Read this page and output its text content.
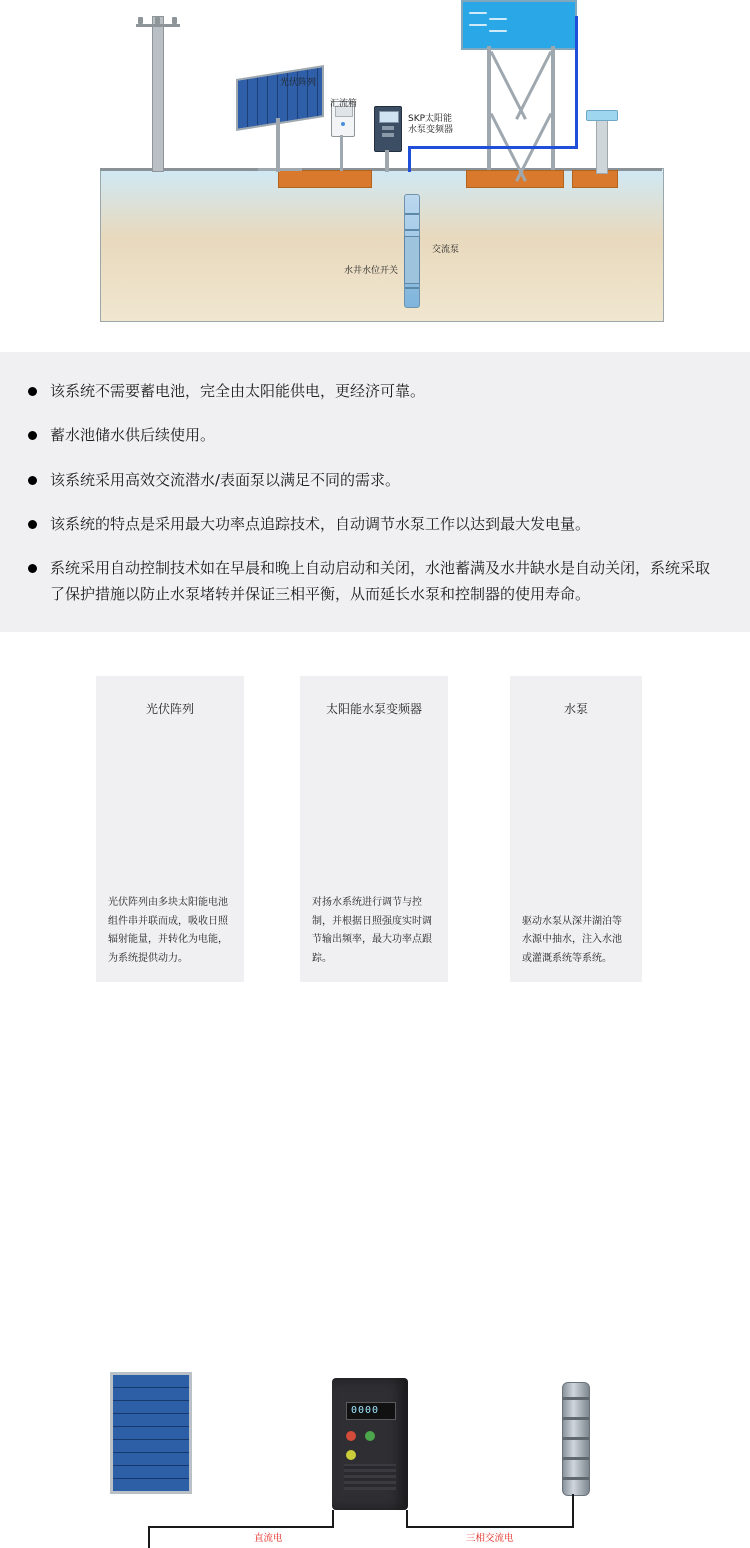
光伏阵列
汇流箱
SKP太阳能
水泵变频器
交流泵
水井水位开关
该系统不需要蓄电池，完全由太阳能供电，更经济可靠。
蓄水池储水供后续使用。
该系统采用高效交流潜水/表面泵以满足不同的需求。
该系统的特点是采用最大功率点追踪技术，自动调节水泵工作以达到最大发电量。
系统采用自动控制技术如在早晨和晚上自动启动和关闭，水池蓄满及水井缺水是自动关闭，系统采取了保护措施以防止水泵堵转并保证三相平衡，从而延长水泵和控制器的使用寿命。
光伏阵列
光伏阵列由多块太阳能电池组件串并联而成，吸收日照辐射能量，并转化为电能，为系统提供动力。
太阳能水泵变频器
对扬水系统进行调节与控制，并根据日照强度实时调节输出频率，最大功率点跟踪。
0000

水泵
驱动水泵从深井湖泊等水源中抽水，注入水池或灌溉系统等系统。
直流电	三相交流电
